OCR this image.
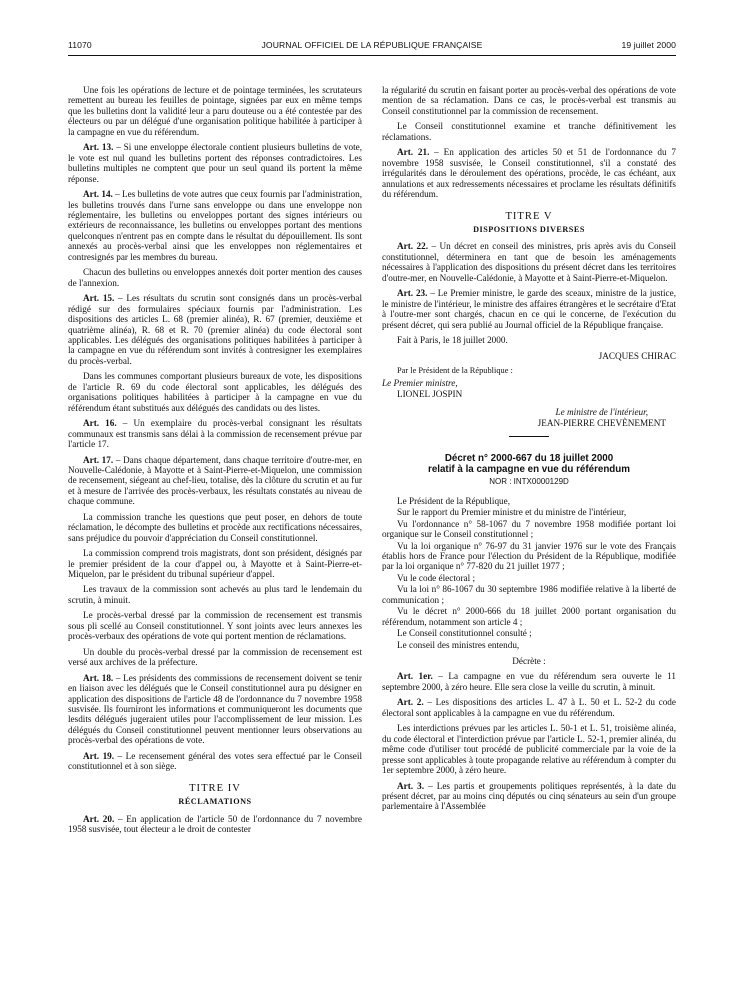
11070	JOURNAL OFFICIEL DE LA RÉPUBLIQUE FRANÇAISE	19 juillet 2000

Une fois les opérations de lecture et de pointage terminées, les scrutateurs remettent au bureau les feuilles de pointage, signées par eux en même temps que les bulletins dont la validité leur a paru douteuse ou a été contestée par des électeurs ou par un délégué d'une organisation politique habilitée à participer à la campagne en vue du référendum.

Art. 13. – Si une enveloppe électorale contient plusieurs bulletins de vote, le vote est nul quand les bulletins portent des réponses contradictoires. Les bulletins multiples ne comptent que pour un seul quand ils portent la même réponse.

Art. 14. – Les bulletins de vote autres que ceux fournis par l'administration, les bulletins trouvés dans l'urne sans enveloppe ou dans une enveloppe non réglementaire, les bulletins ou enveloppes portant des signes intérieurs ou extérieurs de reconnaissance, les bulletins ou enveloppes portant des mentions quelconques n'entrent pas en compte dans le résultat du dépouillement. Ils sont annexés au procès-verbal ainsi que les enveloppes non réglementaires et contresignés par les membres du bureau.

Chacun des bulletins ou enveloppes annexés doit porter mention des causes de l'annexion.

Art. 15. – Les résultats du scrutin sont consignés dans un procès-verbal rédigé sur des formulaires spéciaux fournis par l'administration. Les dispositions des articles L. 68 (premier alinéa), R. 67 (premier, deuxième et quatrième alinéa), R. 68 et R. 70 (premier alinéa) du code électoral sont applicables. Les délégués des organisations politiques habilitées à participer à la campagne en vue du référendum sont invités à contresigner les exemplaires du procès-verbal.

Dans les communes comportant plusieurs bureaux de vote, les dispositions de l'article R. 69 du code électoral sont applicables, les délégués des organisations politiques habilitées à participer à la campagne en vue du référendum étant substitués aux délégués des candidats ou des listes.

Art. 16. – Un exemplaire du procès-verbal consignant les résultats communaux est transmis sans délai à la commission de recensement prévue par l'article 17.

Art. 17. – Dans chaque département, dans chaque territoire d'outre-mer, en Nouvelle-Calédonie, à Mayotte et à Saint-Pierre-et-Miquelon, une commission de recensement, siégeant au chef-lieu, totalise, dès la clôture du scrutin et au fur et à mesure de l'arrivée des procès-verbaux, les résultats constatés au niveau de chaque commune.

La commission tranche les questions que peut poser, en dehors de toute réclamation, le décompte des bulletins et procède aux rectifications nécessaires, sans préjudice du pouvoir d'appréciation du Conseil constitutionnel.

La commission comprend trois magistrats, dont son président, désignés par le premier président de la cour d'appel ou, à Mayotte et à Saint-Pierre-et-Miquelon, par le président du tribunal supérieur d'appel.

Les travaux de la commission sont achevés au plus tard le lendemain du scrutin, à minuit.

Le procès-verbal dressé par la commission de recensement est transmis sous pli scellé au Conseil constitutionnel. Y sont joints avec leurs annexes les procès-verbaux des opérations de vote qui portent mention de réclamations.

Un double du procès-verbal dressé par la commission de recensement est versé aux archives de la préfecture.

Art. 18. – Les présidents des commissions de recensement doivent se tenir en liaison avec les délégués que le Conseil constitutionnel aura pu désigner en application des dispositions de l'article 48 de l'ordonnance du 7 novembre 1958 susvisée. Ils fourniront les informations et communiqueront les documents que lesdits délégués jugeraient utiles pour l'accomplissement de leur mission. Les délégués du Conseil constitutionnel peuvent mentionner leurs observations au procès-verbal des opérations de vote.

Art. 19. – Le recensement général des votes sera effectué par le Conseil constitutionnel et à son siège.

TITRE IV
RÉCLAMATIONS

Art. 20. – En application de l'article 50 de l'ordonnance du 7 novembre 1958 susvisée, tout électeur a le droit de contester

la régularité du scrutin en faisant porter au procès-verbal des opérations de vote mention de sa réclamation. Dans ce cas, le procès-verbal est transmis au Conseil constitutionnel par la commission de recensement.

Le Conseil constitutionnel examine et tranche définitivement les réclamations.

Art. 21. – En application des articles 50 et 51 de l'ordonnance du 7 novembre 1958 susvisée, le Conseil constitutionnel, s'il a constaté des irrégularités dans le déroulement des opérations, procède, le cas échéant, aux annulations et aux redressements nécessaires et proclame les résultats définitifs du référendum.

TITRE V
DISPOSITIONS DIVERSES

Art. 22. – Un décret en conseil des ministres, pris après avis du Conseil constitutionnel, déterminera en tant que de besoin les aménagements nécessaires à l'application des dispositions du présent décret dans les territoires d'outre-mer, en Nouvelle-Calédonie, à Mayotte et à Saint-Pierre-et-Miquelon.

Art. 23. – Le Premier ministre, le garde des sceaux, ministre de la justice, le ministre de l'intérieur, le ministre des affaires étrangères et le secrétaire d'Etat à l'outre-mer sont chargés, chacun en ce qui le concerne, de l'exécution du présent décret, qui sera publié au Journal officiel de la République française.

Fait à Paris, le 18 juillet 2000.

JACQUES CHIRAC

Par le Président de la République :

Le Premier ministre,

LIONEL JOSPIN

Le ministre de l'intérieur,

JEAN-PIERRE CHEVÈNEMENT

Décret n° 2000-667 du 18 juillet 2000
relatif à la campagne en vue du référendum
NOR : INTX0000129D

Le Président de la République,

Sur le rapport du Premier ministre et du ministre de l'intérieur,

Vu l'ordonnance n° 58-1067 du 7 novembre 1958 modifiée portant loi organique sur le Conseil constitutionnel ;

Vu la loi organique n° 76-97 du 31 janvier 1976 sur le vote des Français établis hors de France pour l'élection du Président de la République, modifiée par la loi organique n° 77-820 du 21 juillet 1977 ;

Vu le code électoral ;

Vu la loi n° 86-1067 du 30 septembre 1986 modifiée relative à la liberté de communication ;

Vu le décret n° 2000-666 du 18 juillet 2000 portant organisation du référendum, notamment son article 4 ;

Le Conseil constitutionnel consulté ;

Le conseil des ministres entendu,

Décrète :

Art. 1er. – La campagne en vue du référendum sera ouverte le 11 septembre 2000, à zéro heure. Elle sera close la veille du scrutin, à minuit.

Art. 2. – Les dispositions des articles L. 47 à L. 50 et L. 52-2 du code électoral sont applicables à la campagne en vue du référendum.

Les interdictions prévues par les articles L. 50-1 et L. 51, troisième alinéa, du code électoral et l'interdiction prévue par l'article L. 52-1, premier alinéa, du même code d'utiliser tout procédé de publicité commerciale par la voie de la presse sont applicables à toute propagande relative au référendum à compter du 1er septembre 2000, à zéro heure.

Art. 3. – Les partis et groupements politiques représentés, à la date du présent décret, par au moins cinq députés ou cinq sénateurs au sein d'un groupe parlementaire à l'Assemblée
